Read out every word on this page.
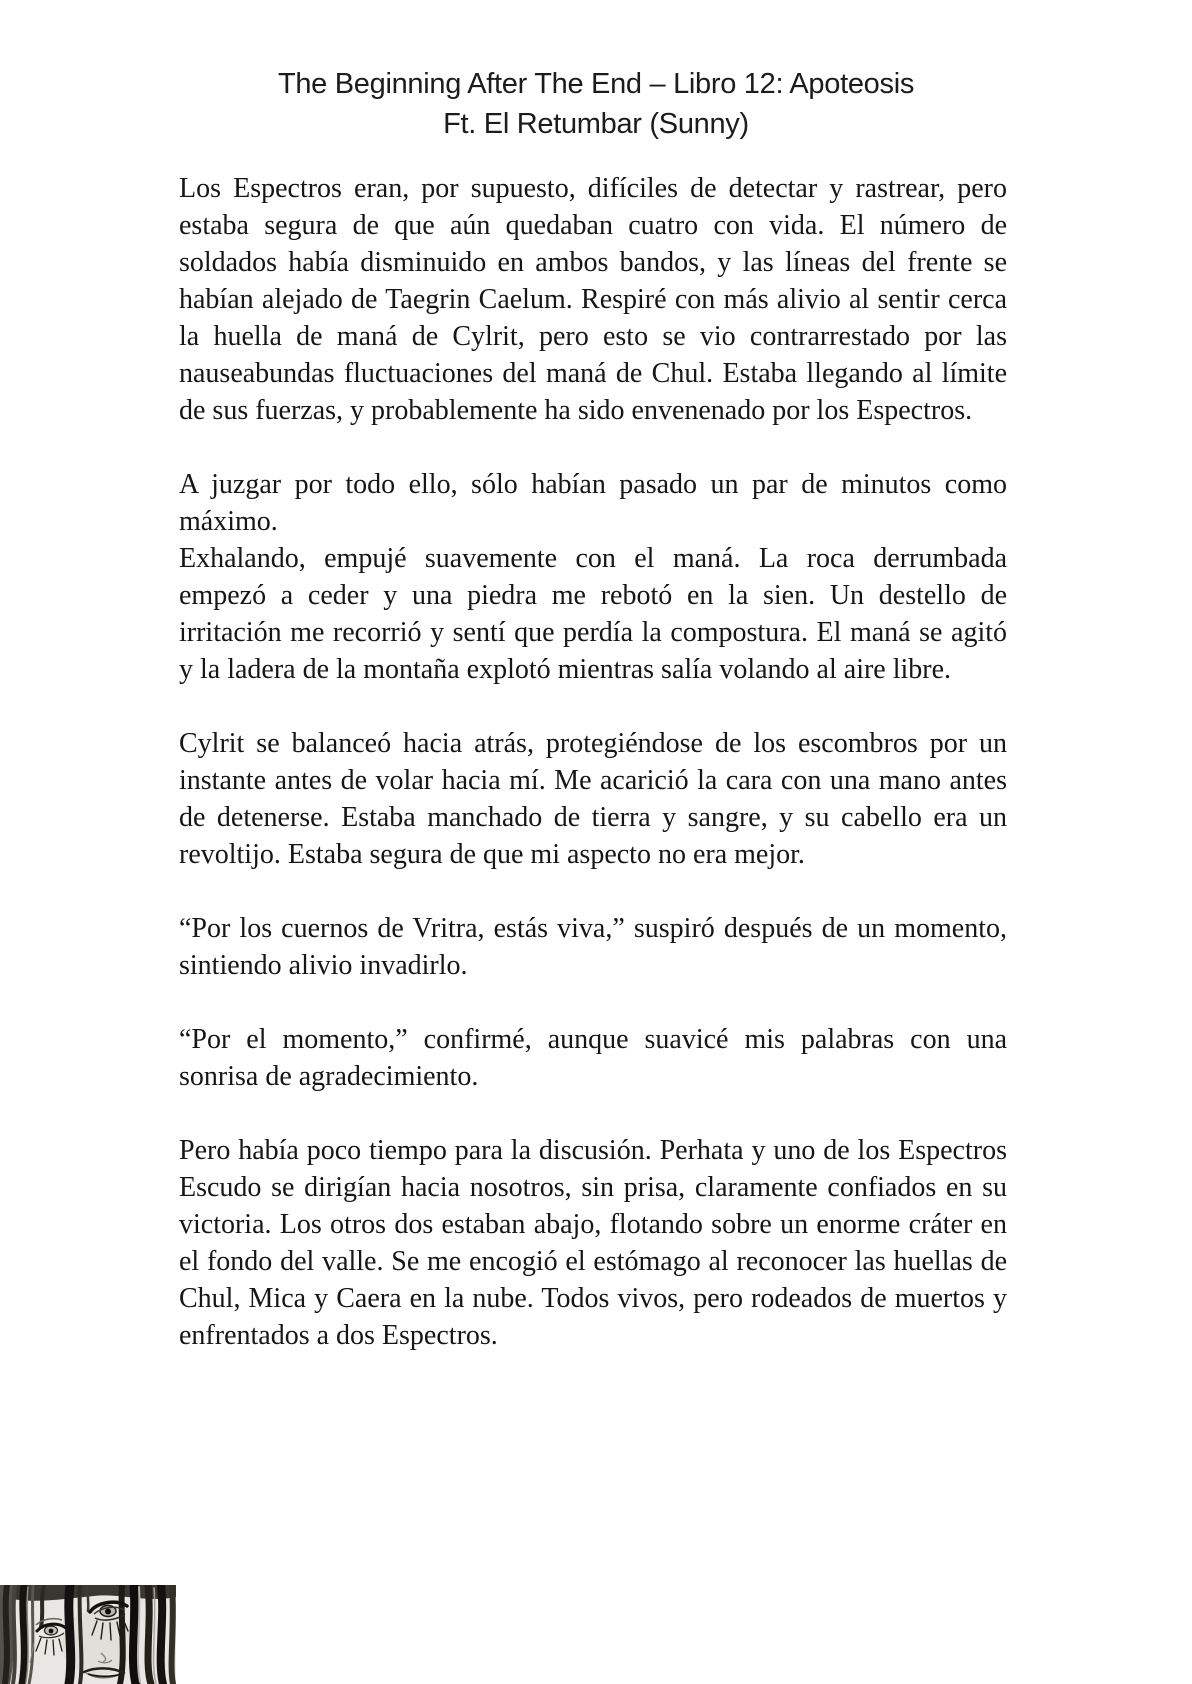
The Beginning After The End – Libro 12: Apoteosis
Ft. El Retumbar (Sunny)

Los Espectros eran, por supuesto, difíciles de detectar y rastrear, pero estaba segura de que aún quedaban cuatro con vida. El número de soldados había disminuido en ambos bandos, y las líneas del frente se habían alejado de Taegrin Caelum. Respiré con más alivio al sentir cerca la huella de maná de Cylrit, pero esto se vio contrarrestado por las nauseabundas fluctuaciones del maná de Chul. Estaba llegando al límite de sus fuerzas, y probablemente ha sido envenenado por los Espectros.

A juzgar por todo ello, sólo habían pasado un par de minutos como máximo.

Exhalando, empujé suavemente con el maná. La roca derrumbada empezó a ceder y una piedra me rebotó en la sien. Un destello de irritación me recorrió y sentí que perdía la compostura. El maná se agitó y la ladera de la montaña explotó mientras salía volando al aire libre.

Cylrit se balanceó hacia atrás, protegiéndose de los escombros por un instante antes de volar hacia mí. Me acarició la cara con una mano antes de detenerse. Estaba manchado de tierra y sangre, y su cabello era un revoltijo. Estaba segura de que mi aspecto no era mejor.

“Por los cuernos de Vritra, estás viva,” suspiró después de un momento, sintiendo alivio invadirlo.

“Por el momento,” confirmé, aunque suavicé mis palabras con una sonrisa de agradecimiento.

Pero había poco tiempo para la discusión. Perhata y uno de los Espectros Escudo se dirigían hacia nosotros, sin prisa, claramente confiados en su victoria. Los otros dos estaban abajo, flotando sobre un enorme cráter en el fondo del valle. Se me encogió el estómago al reconocer las huellas de Chul, Mica y Caera en la nube. Todos vivos, pero rodeados de muertos y enfrentados a dos Espectros.
